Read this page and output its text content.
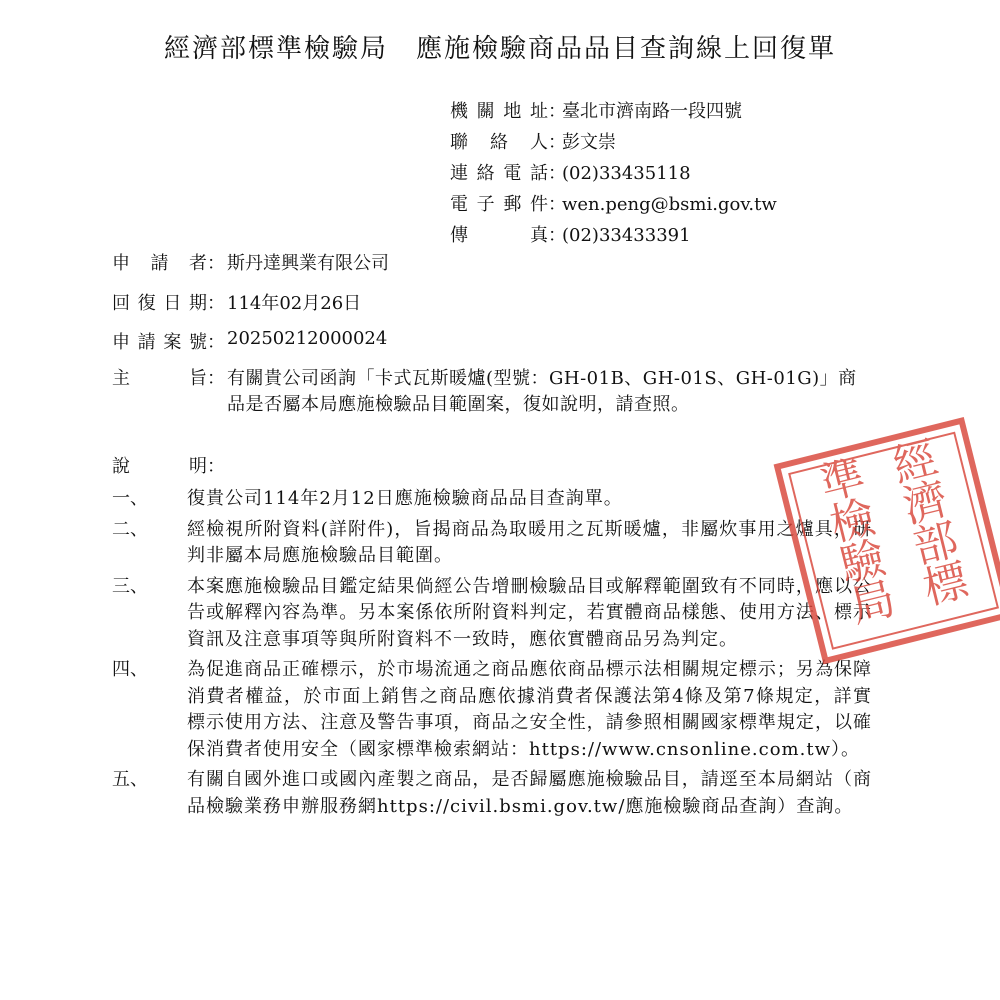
經濟部標準檢驗局　應施檢驗商品品目查詢線上回復單
機關地址 ：
臺北市濟南路一段四號
聯 絡 人 ：
彭文崇
連絡電話 ：
(02)33435118
電子郵件 ：
wen.peng@bsmi.gov.tw
傳　　真 ：
(02)33433391
申 請 者 ： 斯丹達興業有限公司
回復日期 ： 114年02月26日
申請案號 ： 20250212000024
主　　旨 ： 有關貴公司函詢「卡式瓦斯暖爐(型號：GH-01B、GH-01S、GH-01G)」商品是否屬本局應施檢驗品目範圍案，復如說明，請查照。
說　　明 ：
一、	復貴公司114年2月12日應施檢驗商品品目查詢單。
二、	經檢視所附資料(詳附件)，旨揭商品為取暖用之瓦斯暖爐，非屬炊事用之爐具，研判非屬本局應施檢驗品目範圍。
三、	本案應施檢驗品目鑑定結果倘經公告增刪檢驗品目或解釋範圍致有不同時，應以公告或解釋內容為準。另本案係依所附資料判定，若實體商品樣態、使用方法、標示資訊及注意事項等與所附資料不一致時，應依實體商品另為判定。
四、	為促進商品正確標示，於市場流通之商品應依商品標示法相關規定標示；另為保障消費者權益，於市面上銷售之商品應依據消費者保護法第4條及第7條規定，詳實標示使用方法、注意及警告事項，商品之安全性，請參照相關國家標準規定，以確保消費者使用安全（國家標準檢索網站：https://www.cnsonline.com.tw）。
五、	有關自國外進口或國內產製之商品，是否歸屬應施檢驗品目，請逕至本局網站（商品檢驗業務申辦服務網https://civil.bsmi.gov.tw/應施檢驗商品查詢）查詢。
經
濟
部
標
準
檢
驗
局
